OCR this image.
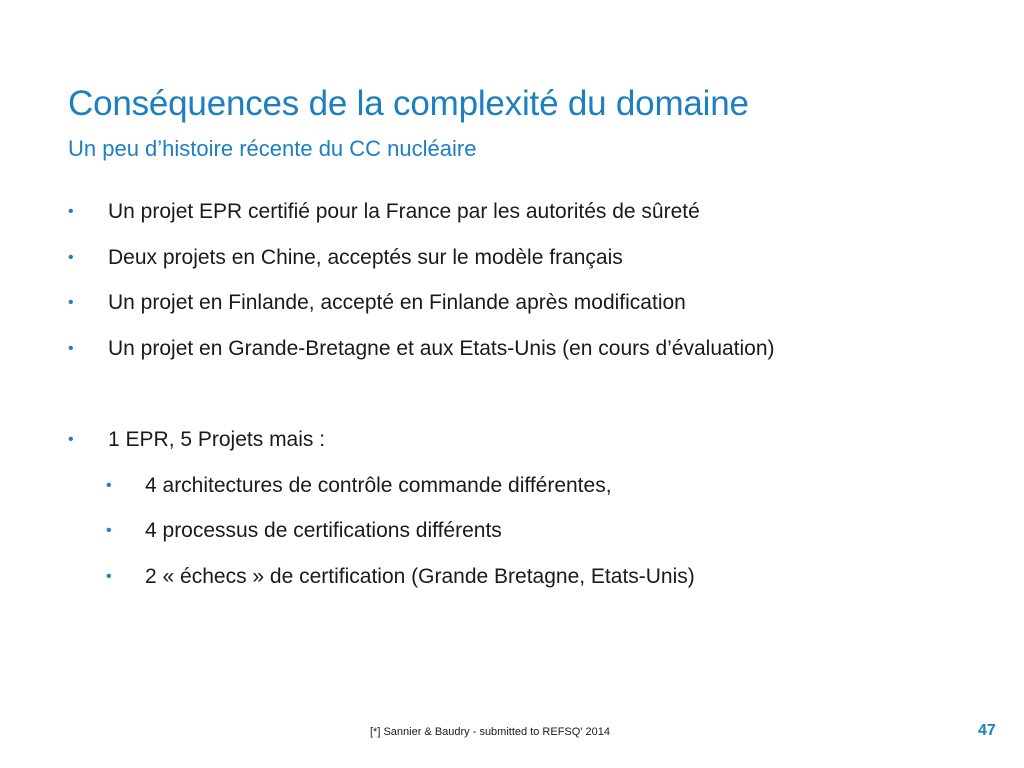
Conséquences de la complexité du domaine
Un peu d’histoire récente du CC nucléaire
• Un projet EPR certifié pour la France par les autorités de sûreté
• Deux projets en Chine, acceptés sur le modèle français
• Un projet en Finlande, accepté en Finlande après modification
• Un projet en Grande-Bretagne et aux Etats-Unis (en cours d’évaluation)
• 1 EPR, 5 Projets mais :
• 4 architectures de contrôle commande différentes,
• 4 processus de certifications différents
• 2 « échecs » de certification (Grande Bretagne, Etats-Unis)
[*] Sannier & Baudry - submitted to REFSQ' 2014	47
